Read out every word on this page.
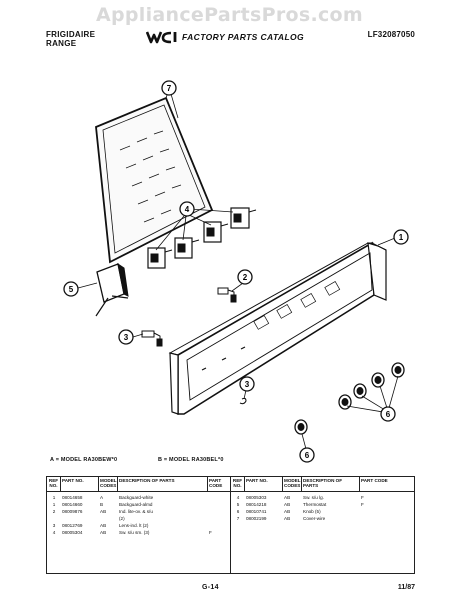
AppliancePartsPros.com
FRIGIDAIRE
RANGE
FACTORY PARTS CATALOG	LF32087050
7
4
5
2
3
1
3
6
6
A = MODEL RA30BEW*0	B = MODEL RA30BEL*0
REF NO.
PART NO.	MODEL CODES
DESCRIPTION OF PARTS	PART CODE
1	08014658	A	Backguard-white
1	08014660	B	Backguard-almd
2	08009876	AB	Ind. lite-ov. & s/u
(2)
3	08012769	AB	Lens-ind. lt (2)
4	08005304	AB	Sw. s/u sm. (3)	F
REF NO.
PART NO.	MODEL CODES
DESCRIPTION OF PARTS
PART CODE
4	08005303	AB	Sw. s/u lg.	F
5	08014218	AB	Thermostat	F
6	08010741	AB	Knob (5)
7	08002199	AB	Cover-wire
G-14	11/87
